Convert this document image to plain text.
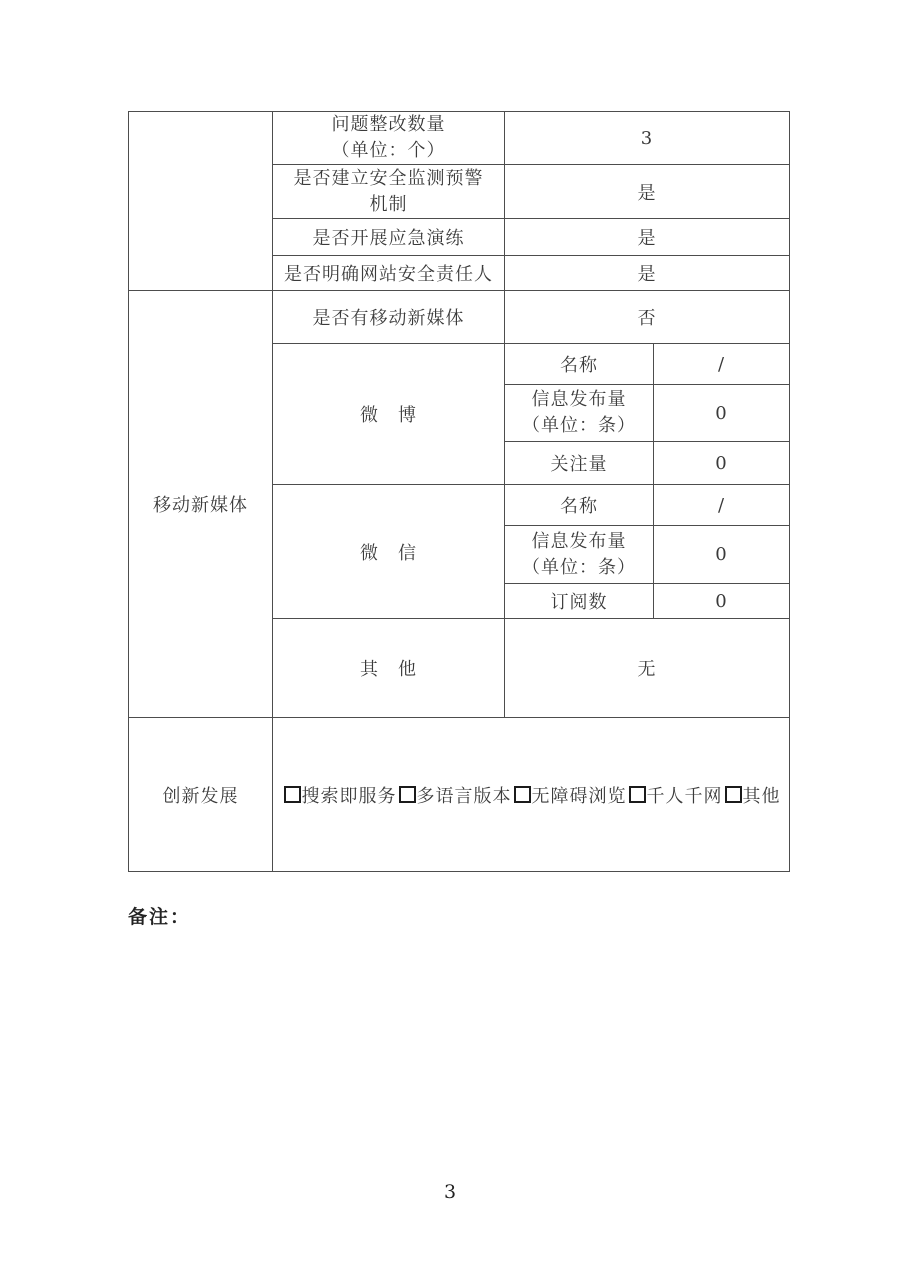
	问题整改数量
（单位：个）	3	

	是否建立安全监测预警
机制	是	
	是否开展应急演练	是	
	是否明确网站安全责任人	是	
移动新媒体	是否有移动新媒体	否	
	微　博	名称	/

		信息发布量
（单位：条）	0
		关注量	0
	微　信	名称	/

		信息发布量
（单位：条）	0
		订阅数	0
	其　他	无	
创新发展	搜索即服务 多语言版本 无障碍浏览 千人千网 其他		
备注：
3
